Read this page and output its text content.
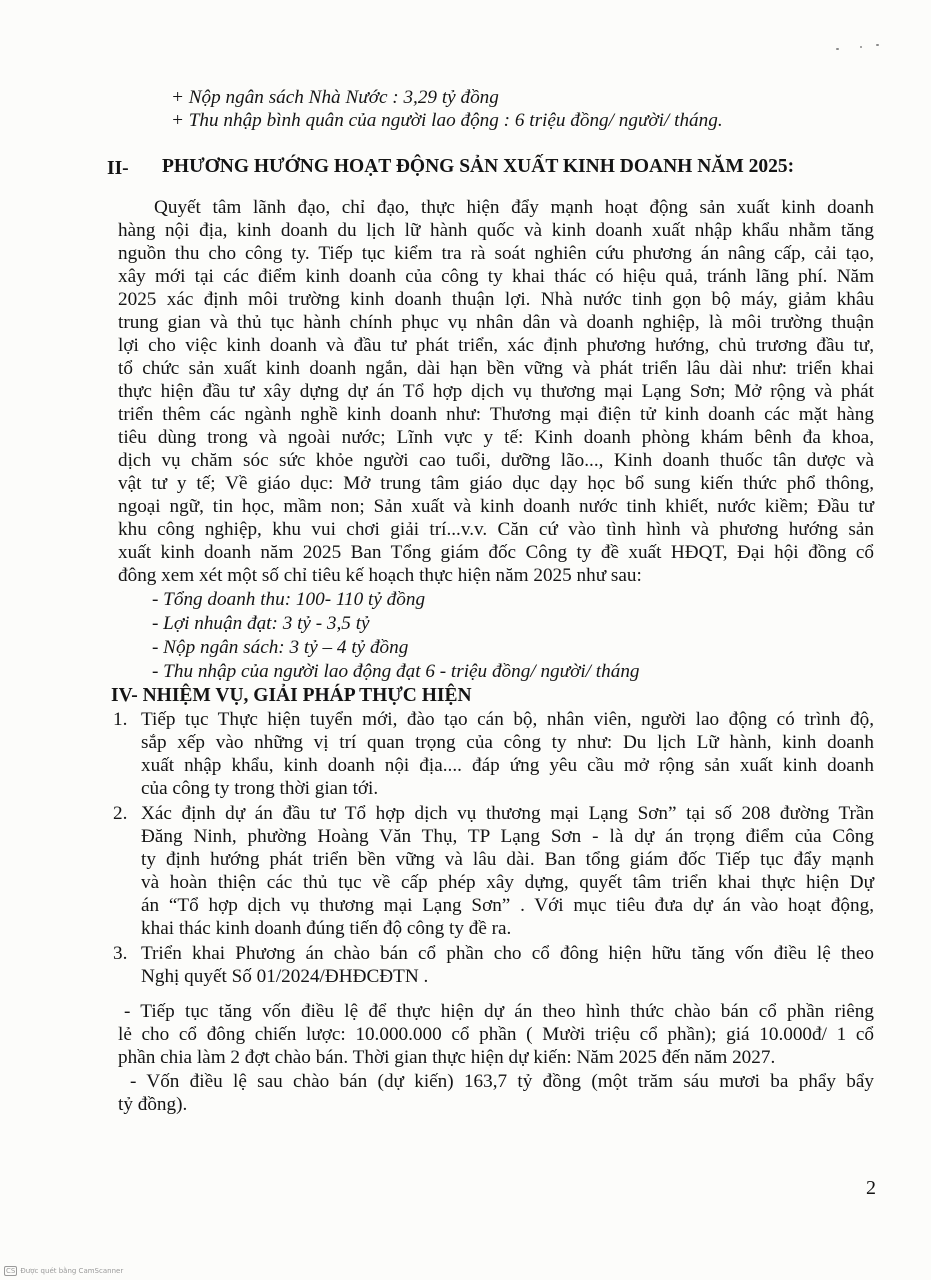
+ Nộp ngân sách Nhà Nước : 3,29 tỷ đồng
+ Thu nhập bình quân của người lao động : 6 triệu đồng/ người/ tháng.
II- PHƯƠNG HƯỚNG HOẠT ĐỘNG SẢN XUẤT KINH DOANH NĂM 2025:
Quyết tâm lãnh đạo, chỉ đạo, thực hiện đẩy mạnh hoạt động sản xuất kinh doanh
hàng nội địa, kinh doanh du lịch lữ hành quốc và kinh doanh xuất nhập khẩu nhằm tăng
nguồn thu cho công ty. Tiếp tục kiểm tra rà soát nghiên cứu phương án nâng cấp, cải tạo,
xây mới tại các điểm kinh doanh của công ty khai thác có hiệu quả, tránh lãng phí. Năm
2025 xác định môi trường kinh doanh thuận lợi. Nhà nước tinh gọn bộ máy, giảm khâu
trung gian và thủ tục hành chính phục vụ nhân dân và doanh nghiệp, là môi trường thuận
lợi cho việc kinh doanh và đầu tư phát triển, xác định phương hướng, chủ trương đầu tư,
tổ chức sản xuất kinh doanh ngắn, dài hạn bền vững và phát triển lâu dài như: triển khai
thực hiện đầu tư xây dựng dự án Tổ hợp dịch vụ thương mại Lạng Sơn; Mở rộng và phát
triển thêm các ngành nghề kinh doanh như: Thương mại điện tử kinh doanh các mặt hàng
tiêu dùng trong và ngoài nước; Lĩnh vực y tế: Kinh doanh phòng khám bênh đa khoa,
dịch vụ chăm sóc sức khỏe người cao tuổi, dưỡng lão..., Kinh doanh thuốc tân dược và
vật tư y tế; Về giáo dục: Mở trung tâm giáo dục dạy học bổ sung kiến thức phổ thông,
ngoại ngữ, tin học, mầm non; Sản xuất và kinh doanh nước tinh khiết, nước kiềm; Đầu tư
khu công nghiệp, khu vui chơi giải trí...v.v. Căn cứ vào tình hình và phương hướng sản
xuất kinh doanh năm 2025 Ban Tổng giám đốc Công ty đề xuất HĐQT, Đại hội đồng cổ
đông xem xét một số chỉ tiêu kế hoạch thực hiện năm 2025 như sau:
- Tổng doanh thu: 100- 110 tỷ đồng
- Lợi nhuận đạt: 3 tỷ - 3,5 tỷ
- Nộp ngân sách: 3 tỷ – 4 tỷ đồng
- Thu nhập của người lao động đạt 6 - triệu đồng/ người/ tháng
IV- NHIỆM VỤ, GIẢI PHÁP THỰC HIỆN
1. Tiếp tục Thực hiện tuyển mới, đào tạo cán bộ, nhân viên, người lao động có trình độ,
sắp xếp vào những vị trí quan trọng của công ty như: Du lịch Lữ hành, kinh doanh
xuất nhập khẩu, kinh doanh nội địa.... đáp ứng yêu cầu mở rộng sản xuất kinh doanh
của công ty trong thời gian tới.
2. Xác định dự án đầu tư Tổ hợp dịch vụ thương mại Lạng Sơn” tại số 208 đường Trần
Đăng Ninh, phường Hoàng Văn Thụ, TP Lạng Sơn - là dự án trọng điểm của Công
ty định hướng phát triển bền vững và lâu dài. Ban tổng giám đốc Tiếp tục đẩy mạnh
và hoàn thiện các thủ tục về cấp phép xây dựng, quyết tâm triển khai thực hiện Dự
án “Tổ hợp dịch vụ thương mại Lạng Sơn” . Với mục tiêu đưa dự án vào hoạt động,
khai thác kinh doanh đúng tiến độ công ty đề ra.
3. Triển khai Phương án chào bán cổ phần cho cổ đông hiện hữu tăng vốn điều lệ theo
Nghị quyết Số 01/2024/ĐHĐCĐTN .
- Tiếp tục tăng vốn điều lệ để thực hiện dự án theo hình thức chào bán cổ phần riêng
lẻ cho cổ đông chiến lược: 10.000.000 cổ phần ( Mười triệu cổ phần); giá 10.000đ/ 1 cổ
phần chia làm 2 đợt chào bán. Thời gian thực hiện dự kiến: Năm 2025 đến năm 2027.
- Vốn điều lệ sau chào bán (dự kiến) 163,7 tỷ đồng (một trăm sáu mươi ba phẩy bẩy
tỷ đồng).
2
CS Được quét bằng CamScanner
